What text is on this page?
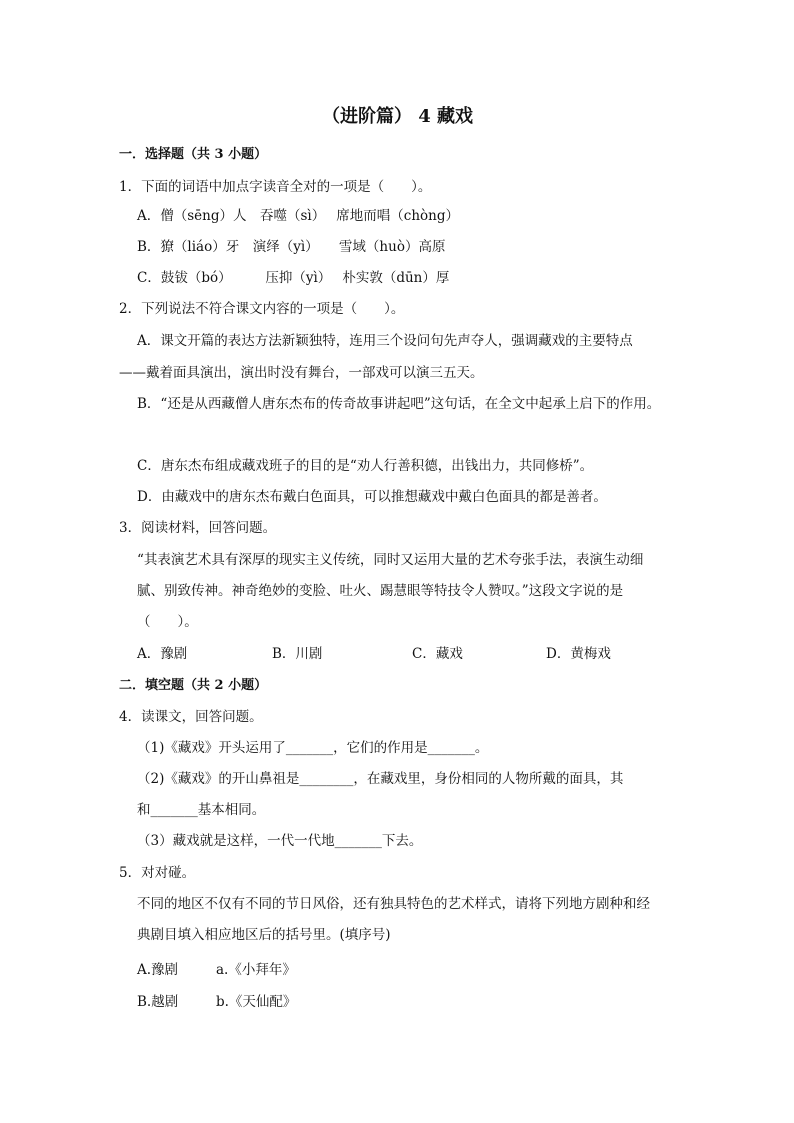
（进阶篇） 4 藏戏
一．选择题（共 3 小题）
1．下面的词语中加点字读音全对的一项是（　　）。
A．僧（sēng）人　吞噬（sì）　 席地而唱（chòng）
B．獠（liáo）牙　演绎（yì）　　雪域（huò）高原
C．鼓钹（bó）　　　压抑（yì）　 朴实敦（dūn）厚
2．下列说法不符合课文内容的一项是（　　）。
A．课文开篇的表达方法新颖独特，连用三个设问句先声夺人，强调藏戏的主要特点
——戴着面具演出，演出时没有舞台，一部戏可以演三五天。
B．“还是从西藏僧人唐东杰布的传奇故事讲起吧”这句话，在全文中起承上启下的作用。
C．唐东杰布组成藏戏班子的目的是“劝人行善积德，出钱出力，共同修桥”。
D．由藏戏中的唐东杰布戴白色面具，可以推想藏戏中戴白色面具的都是善者。
3．阅读材料，回答问题。
“其表演艺术具有深厚的现实主义传统，同时又运用大量的艺术夸张手法，表演生动细
腻、别致传神。神奇绝妙的变脸、吐火、踢慧眼等特技令人赞叹。”这段文字说的是
（　　）。
A．豫剧	B．川剧	C．藏戏	D．黄梅戏
二．填空题（共 2 小题）
4．读课文，回答问题。
（1)《藏戏》开头运用了_______，它们的作用是_______。
（2)《藏戏》的开山鼻祖是________，在藏戏里，身份相同的人物所戴的面具，其
和_______基本相同。
（3）藏戏就是这样，一代一代地_______下去。
5．对对碰。
不同的地区不仅有不同的节日风俗，还有独具特色的艺术样式，请将下列地方剧种和经
典剧目填入相应地区后的括号里。(填序号)
A.豫剧	a.《小拜年》
B.越剧	b.《天仙配》
